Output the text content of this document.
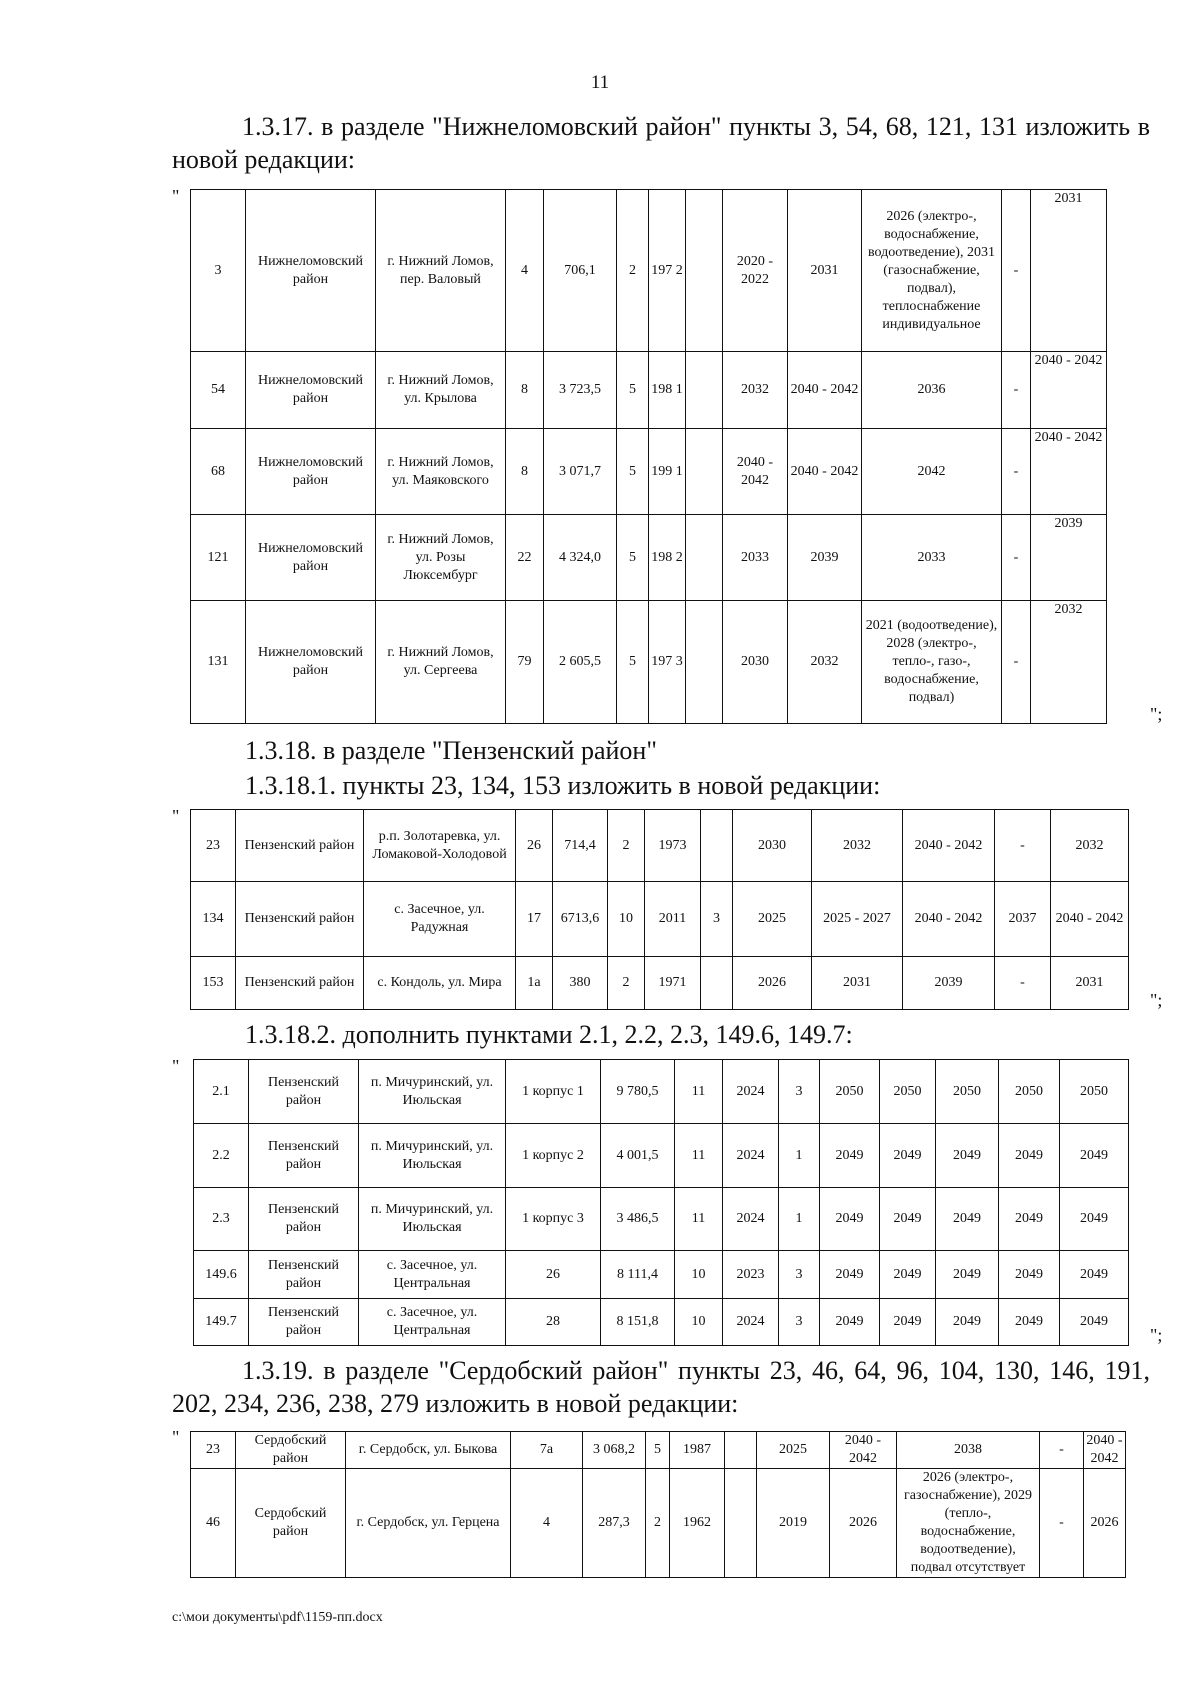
11
1.3.17. в разделе "Нижнеломовский район" пункты 3, 54, 68, 121, 131 изложить в новой редакции:
"
3	Нижнеломовский район	г. Нижний Ломов, пер. Валовый	4	706,1	2	197 2		2020 - 2022	2031	2026 (электро-, водоснабжение, водоотведение), 2031 (газоснабжение, подвал), теплоснабжение индивидуальное	-	2031
54	Нижнеломовский район	г. Нижний Ломов, ул. Крылова	8	3 723,5	5	198 1		2032	2040 - 2042	2036	-	2040 - 2042
68	Нижнеломовский район	г. Нижний Ломов, ул. Маяковского	8	3 071,7	5	199 1		2040 - 2042	2040 - 2042	2042	-	2040 - 2042
121	Нижнеломовский район	г. Нижний Ломов, ул. Розы Люксембург	22	4 324,0	5	198 2		2033	2039	2033	-	2039
131	Нижнеломовский район	г. Нижний Ломов, ул. Сергеева	79	2 605,5	5	197 3		2030	2032	2021 (водоотведение), 2028 (электро-, тепло-, газо-, водоснабжение, подвал)	-	2032
";
1.3.18. в разделе "Пензенский район"
1.3.18.1. пункты 23, 134, 153 изложить в новой редакции:
"
23	Пензенский район	р.п. Золотаревка, ул. Ломаковой-Холодовой	26	714,4	2	1973		2030	2032	2040 - 2042	-	2032
134	Пензенский район	с. Засечное, ул. Радужная	17	6713,6	10	2011	3	2025	2025 - 2027	2040 - 2042	2037	2040 - 2042
153	Пензенский район	с. Кондоль, ул. Мира	1а	380	2	1971		2026	2031	2039	-	2031
";
1.3.18.2. дополнить пунктами 2.1, 2.2, 2.3, 149.6, 149.7:
"
2.1	Пензенский район	п. Мичуринский, ул. Июльская	1 корпус 1	9 780,5	11	2024	3	2050	2050	2050	2050	2050
2.2	Пензенский район	п. Мичуринский, ул. Июльская	1 корпус 2	4 001,5	11	2024	1	2049	2049	2049	2049	2049
2.3	Пензенский район	п. Мичуринский, ул. Июльская	1 корпус 3	3 486,5	11	2024	1	2049	2049	2049	2049	2049
149.6	Пензенский район	с. Засечное, ул. Центральная	26	8 111,4	10	2023	3	2049	2049	2049	2049	2049
149.7	Пензенский район	с. Засечное, ул. Центральная	28	8 151,8	10	2024	3	2049	2049	2049	2049	2049
";
1.3.19. в разделе "Сердобский район" пункты 23, 46, 64, 96, 104, 130, 146, 191, 202, 234, 236, 238, 279 изложить в новой редакции:
"
23	Сердобский район	г. Сердобск, ул. Быкова	7а	3 068,2	5	1987		2025	2040 - 2042	2038	-	2040 - 2042
46	Сердобский район	г. Сердобск, ул. Герцена	4	287,3	2	1962		2019	2026	2026 (электро-, газоснабжение), 2029 (тепло-, водоснабжение, водоотведение), подвал отсутствует	-	2026
c:\мои документы\pdf\1159-пп.docx
